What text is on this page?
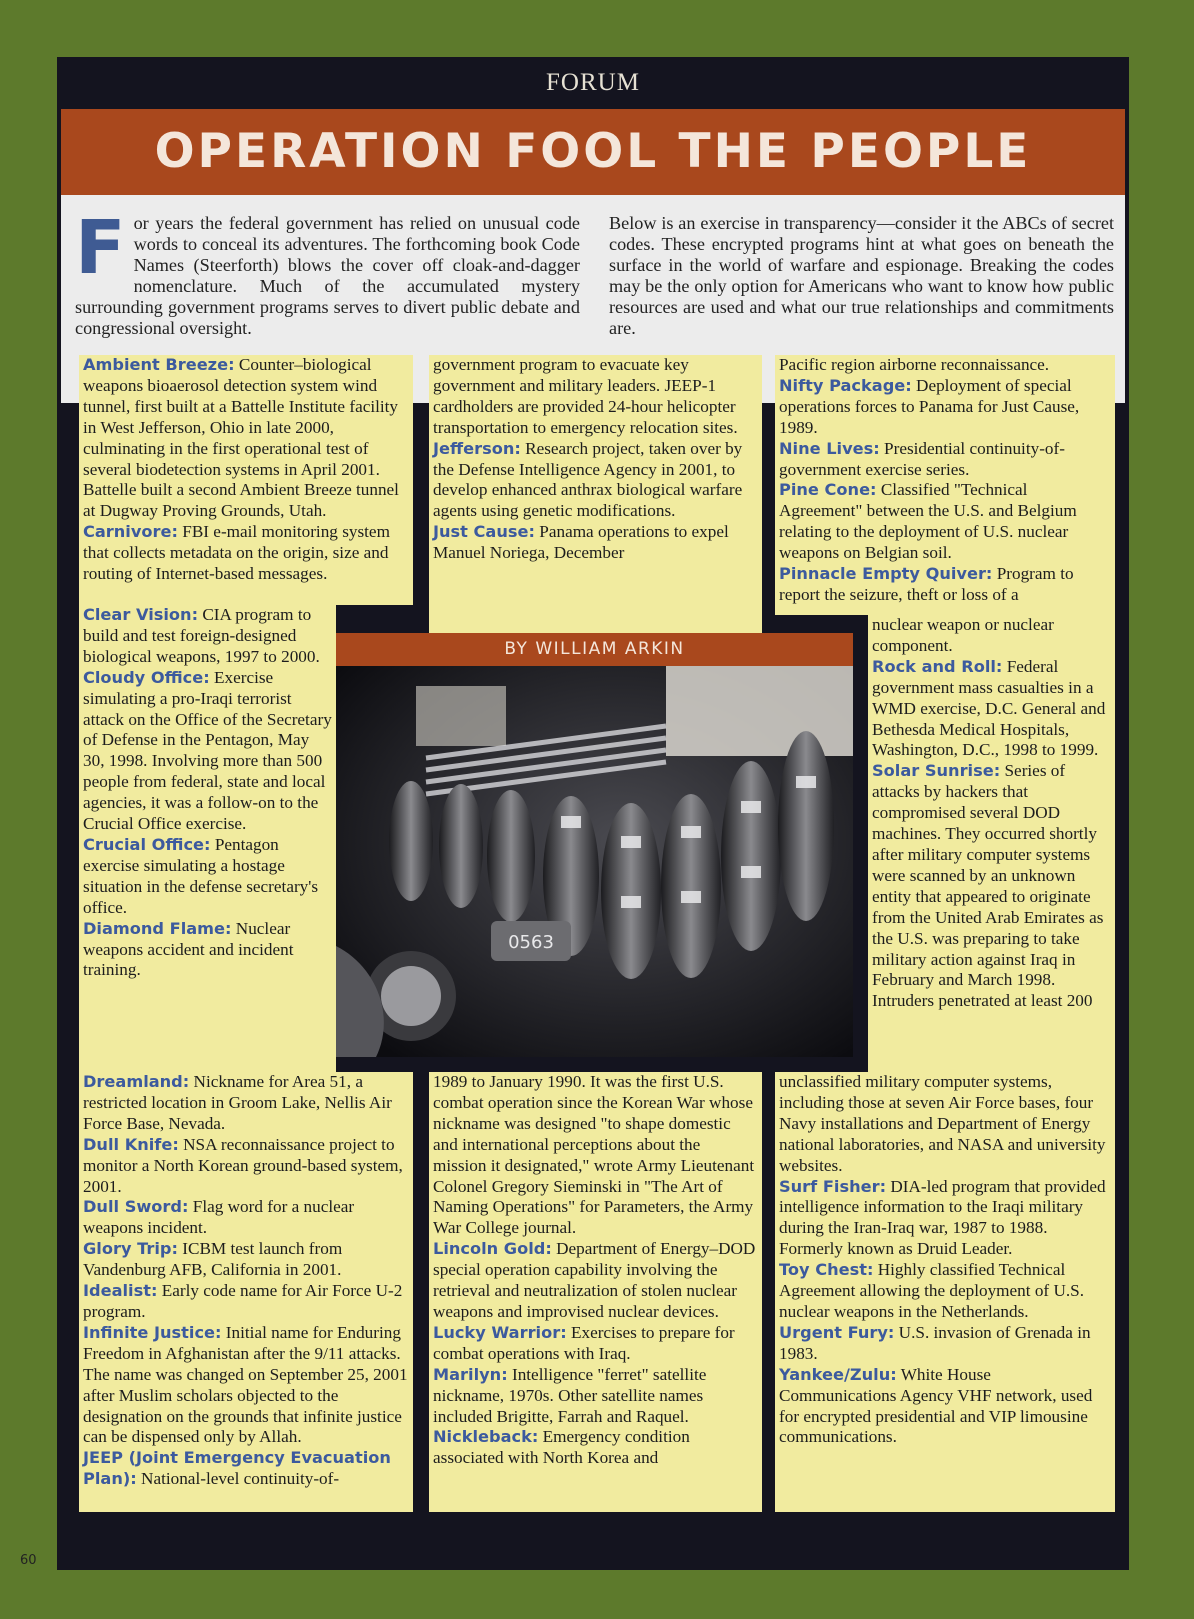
FORUM
OPERATION FOOL THE PEOPLE
For years the federal government has relied on unusual code words to conceal its adventures. The forthcoming book Code Names (Steerforth) blows the cover off cloak-and-dagger nomenclature. Much of the accumulated mystery surrounding government programs serves to divert public debate and congressional oversight.
Below is an exercise in transparency—consider it the ABCs of secret codes. These encrypted programs hint at what goes on beneath the surface in the world of warfare and espionage. Breaking the codes may be the only option for Americans who want to know how public resources are used and what our true relationships and commitments are.

Ambient Breeze: Counter–biological weapons bioaerosol detection system wind tunnel, first built at a Battelle Institute facility in West Jefferson, Ohio in late 2000, culminating in the first operational test of several biodetection systems in April 2001. Battelle built a second Ambient Breeze tunnel at Dugway Proving Grounds, Utah.

Carnivore: FBI e-mail monitoring system that collects metadata on the origin, size and routing of Internet-based messages.

Clear Vision: CIA program to build and test foreign-designed biological weapons, 1997 to 2000.

Cloudy Office: Exercise simulating a pro-Iraqi terrorist attack on the Office of the Secretary of Defense in the Pentagon, May 30, 1998. Involving more than 500 people from federal, state and local agencies, it was a follow-on to the Crucial Office exercise.

Crucial Office: Pentagon exercise simulating a hostage situation in the defense secretary's office.

Diamond Flame: Nuclear weapons accident and incident training.

Dreamland: Nickname for Area 51, a restricted location in Groom Lake, Nellis Air Force Base, Nevada.

Dull Knife: NSA reconnaissance project to monitor a North Korean ground-based system, 2001.

Dull Sword: Flag word for a nuclear weapons incident.

Glory Trip: ICBM test launch from Vandenburg AFB, California in 2001.

Idealist: Early code name for Air Force U-2 program.

Infinite Justice: Initial name for Enduring Freedom in Afghanistan after the 9/11 attacks. The name was changed on September 25, 2001 after Muslim scholars objected to the designation on the grounds that infinite justice can be dispensed only by Allah.

JEEP (Joint Emergency Evacuation Plan): National-level continuity-of-

government program to evacuate key government and military leaders. JEEP-1 cardholders are provided 24-hour helicopter transportation to emergency relocation sites.

Jefferson: Research project, taken over by the Defense Intelligence Agency in 2001, to develop enhanced anthrax biological warfare agents using genetic modifications.

Just Cause: Panama operations to expel Manuel Noriega, December

1989 to January 1990. It was the first U.S. combat operation since the Korean War whose nickname was designed "to shape domestic and international perceptions about the mission it designated," wrote Army Lieutenant Colonel Gregory Sieminski in "The Art of Naming Operations" for Parameters, the Army War College journal.

Lincoln Gold: Department of Energy–DOD special operation capability involving the retrieval and neutralization of stolen nuclear weapons and improvised nuclear devices.

Lucky Warrior: Exercises to prepare for combat operations with Iraq.

Marilyn: Intelligence "ferret" satellite nickname, 1970s. Other satellite names included Brigitte, Farrah and Raquel.

Nickleback: Emergency condition associated with North Korea and

Pacific region airborne reconnaissance.

Nifty Package: Deployment of special operations forces to Panama for Just Cause, 1989.

Nine Lives: Presidential continuity-of-government exercise series.

Pine Cone: Classified "Technical Agreement" between the U.S. and Belgium relating to the deployment of U.S. nuclear weapons on Belgian soil.

Pinnacle Empty Quiver: Program to report the seizure, theft or loss of a

nuclear weapon or nuclear component.

Rock and Roll: Federal government mass casualties in a WMD exercise, D.C. General and Bethesda Medical Hospitals, Washington, D.C., 1998 to 1999.

Solar Sunrise: Series of attacks by hackers that compromised several DOD machines. They occurred shortly after military computer systems were scanned by an unknown entity that appeared to originate from the United Arab Emirates as the U.S. was preparing to take military action against Iraq in February and March 1998. Intruders penetrated at least 200

unclassified military computer systems, including those at seven Air Force bases, four Navy installations and Department of Energy national laboratories, and NASA and university websites.

Surf Fisher: DIA-led program that provided intelligence information to the Iraqi military during the Iran-Iraq war, 1987 to 1988. Formerly known as Druid Leader.

Toy Chest: Highly classified Technical Agreement allowing the deployment of U.S. nuclear weapons in the Netherlands.

Urgent Fury: U.S. invasion of Grenada in 1983.

Yankee/Zulu: White House Communications Agency VHF network, used for encrypted presidential and VIP limousine communications.

BY WILLIAM ARKIN
0563
60
